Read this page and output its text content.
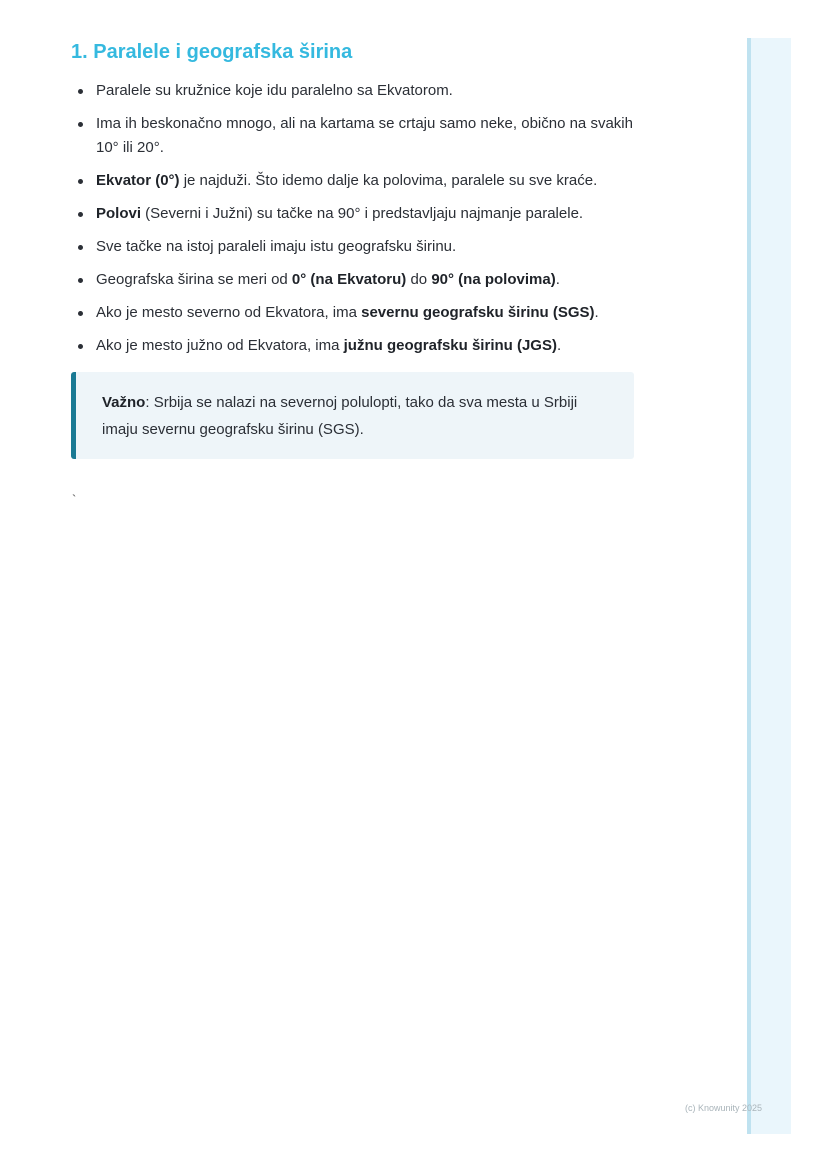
1. Paralele i geografska širina
Paralele su kružnice koje idu paralelno sa Ekvatorom.
Ima ih beskonačno mnogo, ali na kartama se crtaju samo neke, obično na svakih 10° ili 20°.
Ekvator (0°) je najduži. Što idemo dalje ka polovima, paralele su sve kraće.
Polovi (Severni i Južni) su tačke na 90° i predstavljaju najmanje paralele.
Sve tačke na istoj paraleli imaju istu geografsku širinu.
Geografska širina se meri od 0° (na Ekvatoru) do 90° (na polovima).
Ako je mesto severno od Ekvatora, ima severnu geografsku širinu (SGS).
Ako je mesto južno od Ekvatora, ima južnu geografsku širinu (JGS).
Važno: Srbija se nalazi na severnoj polulopti, tako da sva mesta u Srbiji imaju severnu geografsku širinu (SGS).
`
(c) Knowunity 2025
